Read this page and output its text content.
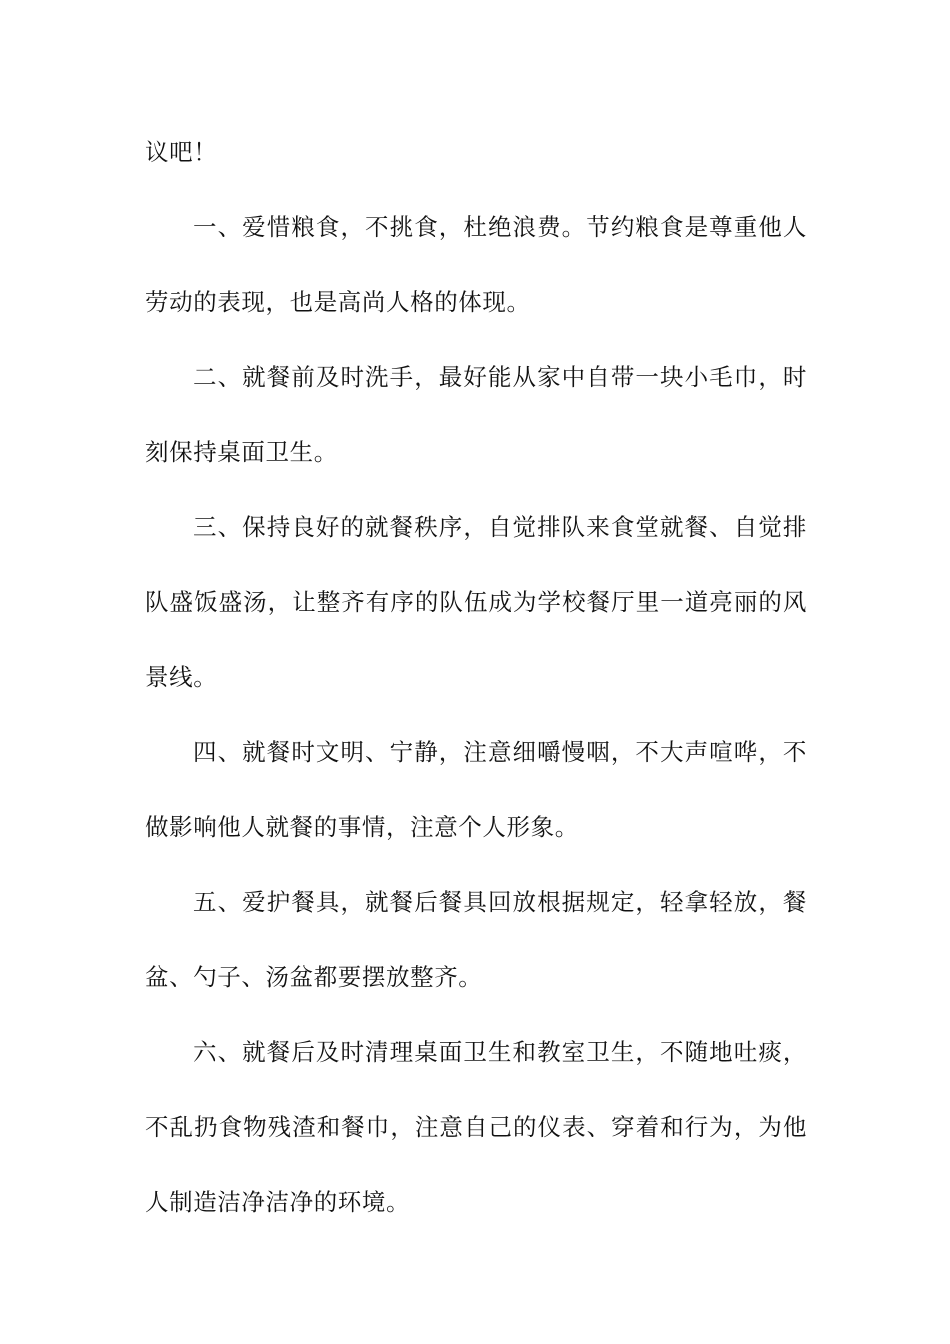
议吧！

一、爱惜粮食，不挑食，杜绝浪费。节约粮食是尊重他人劳动的表现，也是高尚人格的体现。

二、就餐前及时洗手，最好能从家中自带一块小毛巾，时刻保持桌面卫生。

三、保持良好的就餐秩序，自觉排队来食堂就餐、自觉排队盛饭盛汤，让整齐有序的队伍成为学校餐厅里一道亮丽的风景线。

四、就餐时文明、宁静，注意细嚼慢咽，不大声喧哗，不做影响他人就餐的事情，注意个人形象。

五、爱护餐具，就餐后餐具回放根据规定，轻拿轻放，餐盆、勺子、汤盆都要摆放整齐。

六、就餐后及时清理桌面卫生和教室卫生，不随地吐痰，不乱扔食物残渣和餐巾，注意自己的仪表、穿着和行为，为他人制造洁净洁净的环境。
